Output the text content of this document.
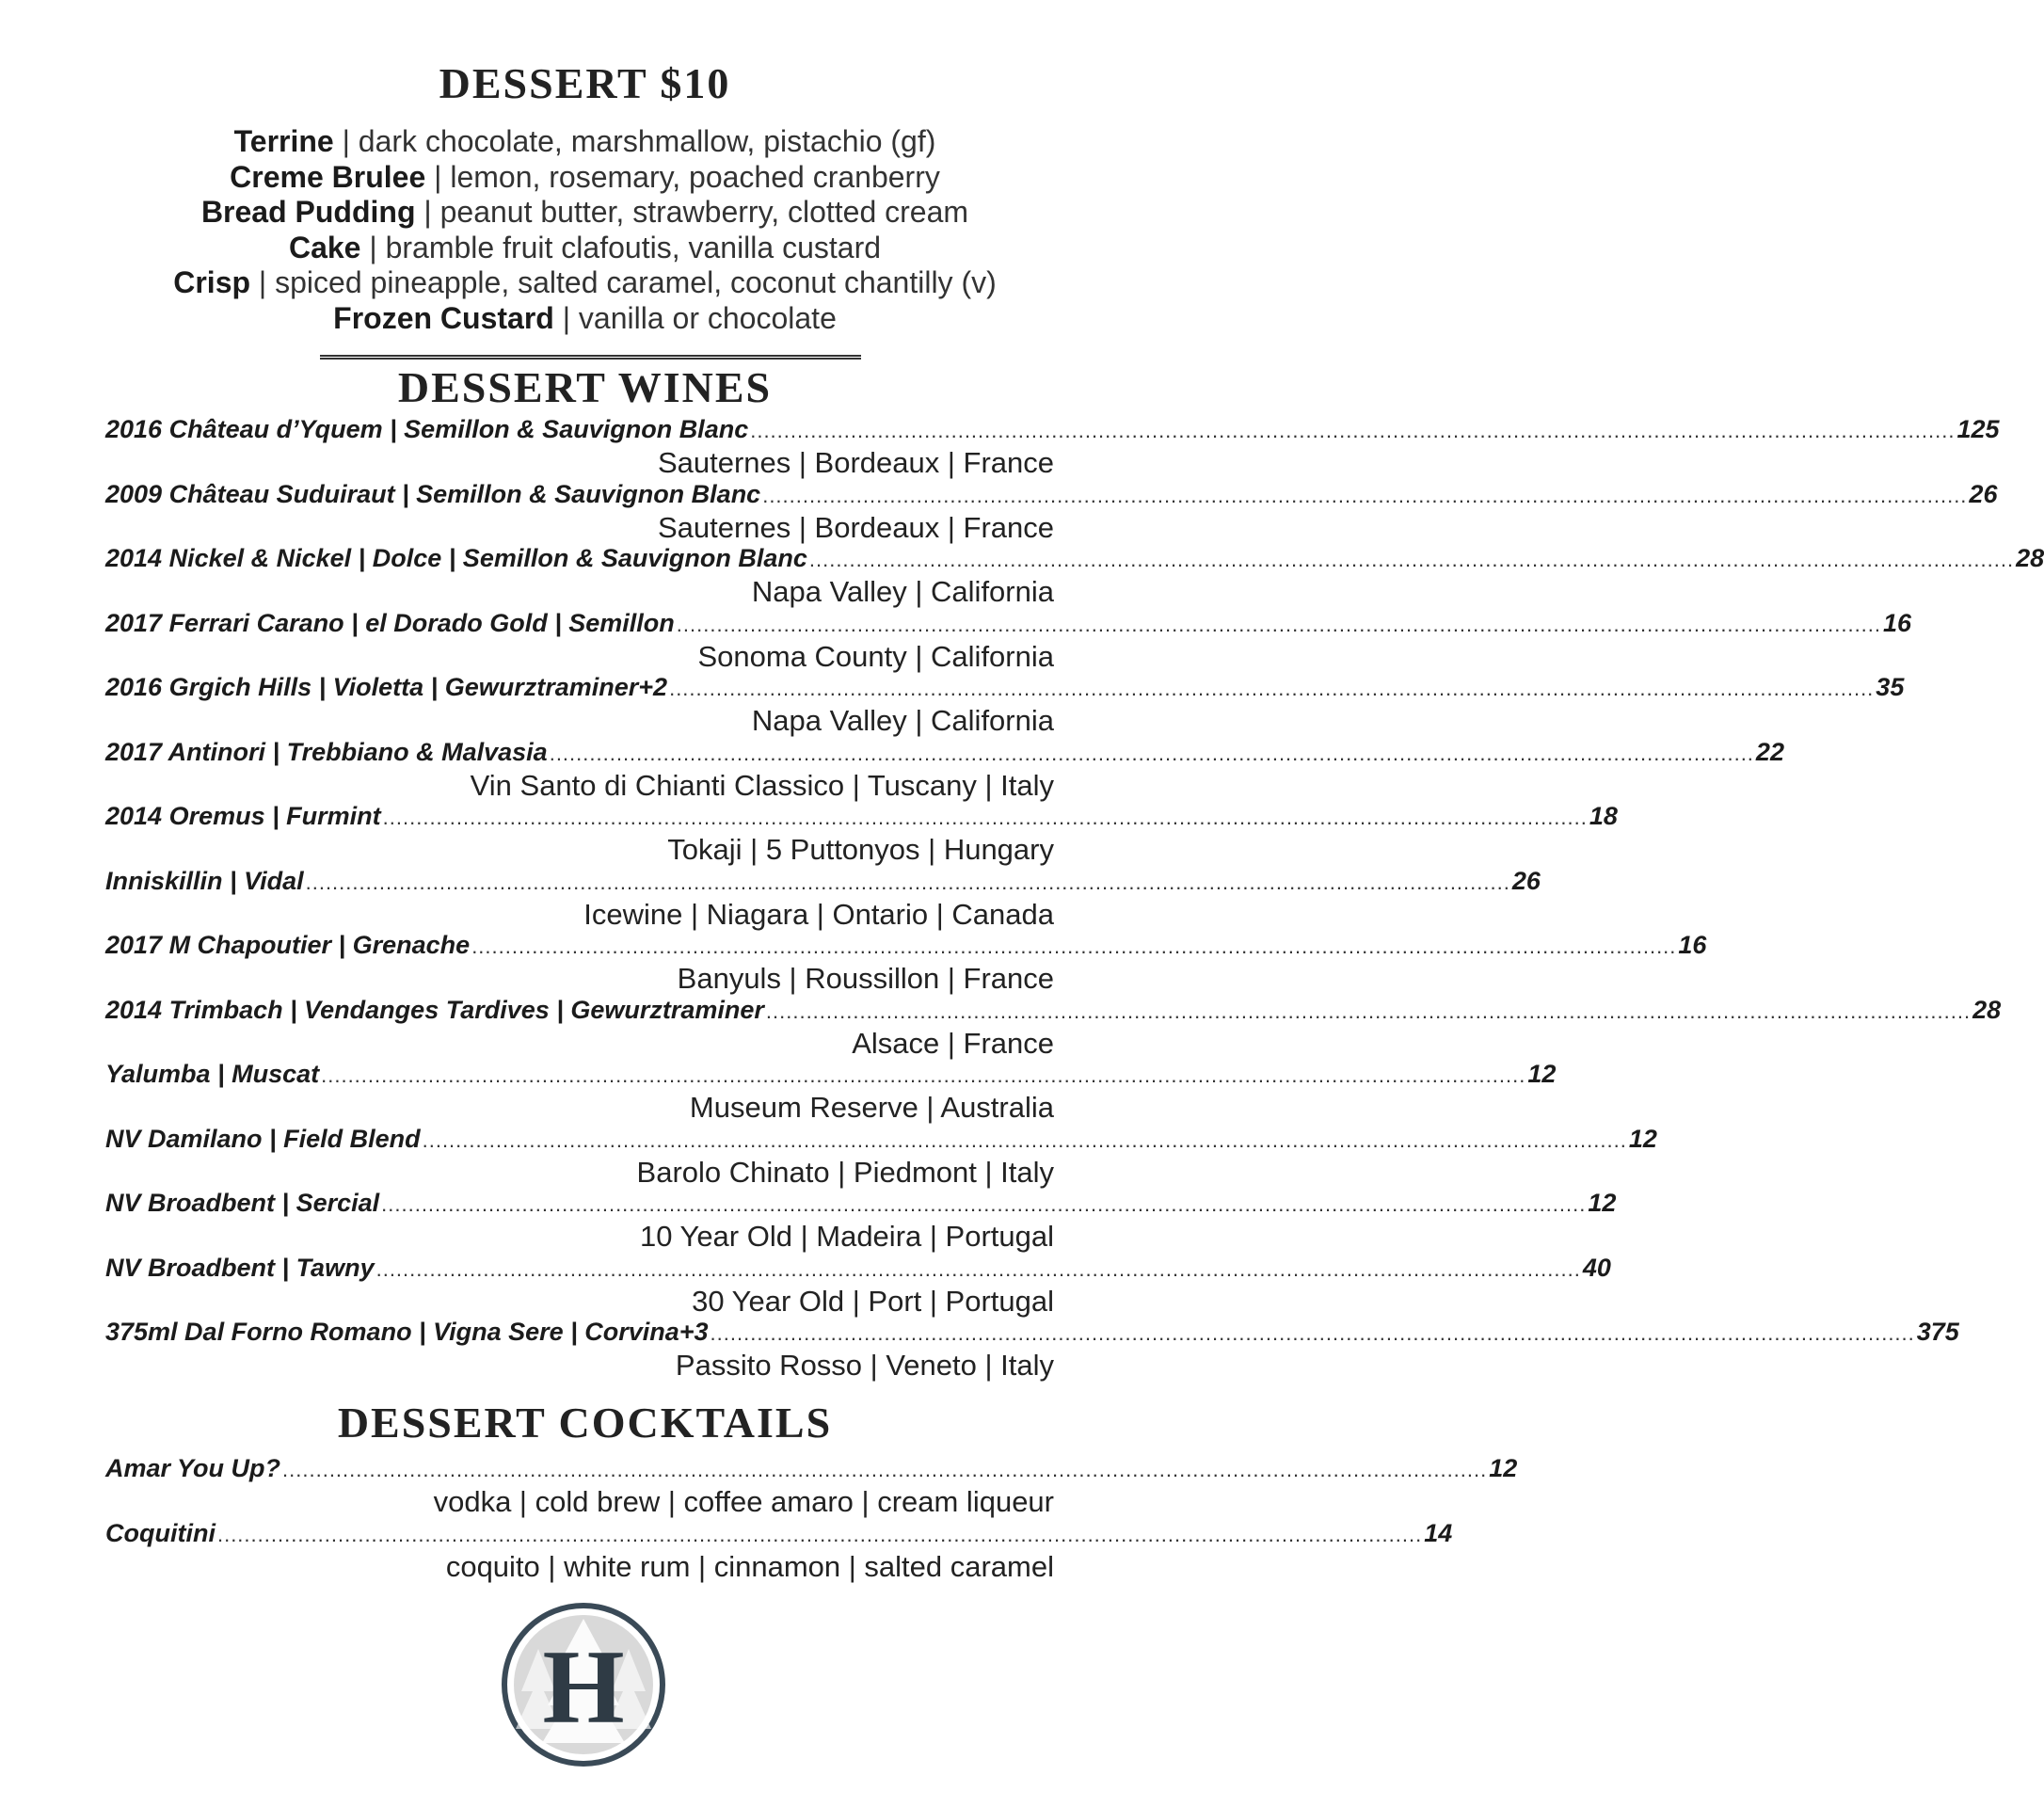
DESSERT $10
Terrine | dark chocolate, marshmallow, pistachio (gf)
Creme Brulee | lemon, rosemary, poached cranberry
Bread Pudding | peanut butter, strawberry, clotted cream
Cake | bramble fruit clafoutis, vanilla custard
Crisp | spiced pineapple, salted caramel, coconut chantilly (v)
Frozen Custard | vanilla or chocolate
DESSERT WINES
2016 Château d’Yquem | Semillon & Sauvignon Blanc .................................................................................................................................................................................... 125
Sauternes | Bordeaux | France
2009 Château Suduiraut | Semillon & Sauvignon Blanc .................................................................................................................................................................................... 26
Sauternes | Bordeaux | France
2014 Nickel & Nickel | Dolce | Semillon & Sauvignon Blanc .................................................................................................................................................................................... 28
Napa Valley | California
2017 Ferrari Carano | el Dorado Gold | Semillon .................................................................................................................................................................................... 16
Sonoma County | California
2016 Grgich Hills | Violetta | Gewurztraminer+2 .................................................................................................................................................................................... 35
Napa Valley | California
2017 Antinori | Trebbiano & Malvasia .................................................................................................................................................................................... 22
Vin Santo di Chianti Classico | Tuscany | Italy
2014 Oremus | Furmint .................................................................................................................................................................................... 18
Tokaji | 5 Puttonyos | Hungary
Inniskillin | Vidal .................................................................................................................................................................................... 26
Icewine | Niagara | Ontario | Canada
2017 M Chapoutier | Grenache .................................................................................................................................................................................... 16
Banyuls | Roussillon | France
2014 Trimbach | Vendanges Tardives | Gewurztraminer .................................................................................................................................................................................... 28
Alsace | France
Yalumba | Muscat .................................................................................................................................................................................... 12
Museum Reserve | Australia
NV Damilano | Field Blend .................................................................................................................................................................................... 12
Barolo Chinato | Piedmont | Italy
NV Broadbent | Sercial .................................................................................................................................................................................... 12
10 Year Old | Madeira | Portugal
NV Broadbent | Tawny .................................................................................................................................................................................... 40
30 Year Old | Port | Portugal
375ml Dal Forno Romano | Vigna Sere | Corvina+3 .................................................................................................................................................................................... 375
Passito Rosso | Veneto | Italy
DESSERT COCKTAILS
Amar You Up? .................................................................................................................................................................................... 12
vodka | cold brew | coffee amaro | cream liqueur
Coquitini .................................................................................................................................................................................... 14
coquito | white rum | cinnamon | salted caramel
H
